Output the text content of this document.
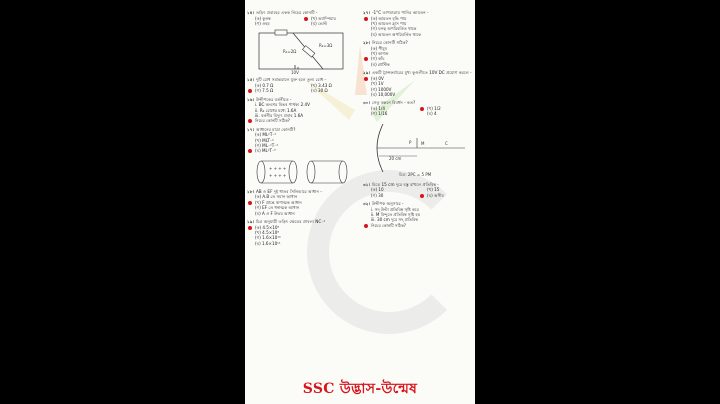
১৪। তড়িৎ প্রবাহের একক নিচের কোনটি -
(ক) কুলম্ব	(খ) অ্যাম্পিয়ার
(গ) ওহম	(ঘ) ভোল্ট
R₁=2Ω
R₂=3Ω
10V
১৫। দুটি রোধ সমান্তরালে যুক্ত হলে তুল্য রোধ -
(ক) 0.7 Ω	(খ) 3.43 Ω
(গ) 7.5 Ω	(ঘ) 30 Ω
১৬। উদ্দীপকের বর্তনীতে -
i. BC অংশের বিভব পার্থক্য 2.4V
ii. R₂ রোধের মধ্যে 1.6A
iii. বর্তনীর বিদ্যুৎ প্রবাহ 1.6A
নিচের কোনটি সঠিক?
১৭। আধানের মাত্রা কোনটি?
(ক) ML²T⁻²
(খ) MLT⁻²
(গ) ML⁻¹T⁻²
(ঘ) ML²T⁻³
+ + + +
+ + + +
১৮। AB ও EF দুই ধাতব সিলিন্ডারে আধান -
(ক) A.B তে সমান আধান
(খ) F প্রান্তে ঋণাত্মক আধান
(গ) EF তে ধনাত্মক আধান
(ঘ) A ও F উভয় আধান
১৯। চিত্র অনুযায়ী তড়িৎ ক্ষেত্রের প্রাবল্য NC⁻¹
(ক) 4.5×10⁹
(খ) 4.5×10⁸
(গ) 1.6×10¹⁰
(ঘ) 1.6×10¹¹
২৭। -1°C তাপমাত্রায় পানির আয়তন -
(ক) আয়তন বৃদ্ধি পায়
(খ) আয়তন হ্রাস পায়
(গ) ঘনত্ব অপরিবর্তিত থাকে
(ঘ) আয়তন অপরিবর্তিত থাকে
২৮। নিচের কোনটি সঠিক?
(ক) পীযূষ
(খ) কাগজ
(গ) কাঁচ
(ঘ) প্লাস্টিক
২৯। একটি ট্রান্সফর্মারের মুখ্য কুণ্ডলীতে 10V DC প্রয়োগ করলে -
(ক) 0V
(খ) 1V
(গ) 1000V
(ঘ) 10,000V
৩০। সেতু বন্ধনে বিবর্ধন - কত?
(ক) 1/4	(খ) 1/2
(গ) 1/16	(ঘ) 4
P M	C
20 cm
চিত্র: 2PC = 5 PM
৩১। চিত্রে 15 cm দূরে বস্তু রাখলে প্রতিবিম্ব -
(ক) 10	(খ) 15
(গ) 30	(ঘ) অসীম
৩২। উদ্দীপক অনুসারে -
i. সদ্ উল্টা প্রতিবিম্ব সৃষ্টি করে
ii. M বিন্দুতে প্রতিবিম্ব সৃষ্টি হয়
iii. 30 cm দূরে সদ্ প্রতিবিম্ব
নিচের কোনটি সঠিক?
SSC উদ্ভাস-উন্মেষ
